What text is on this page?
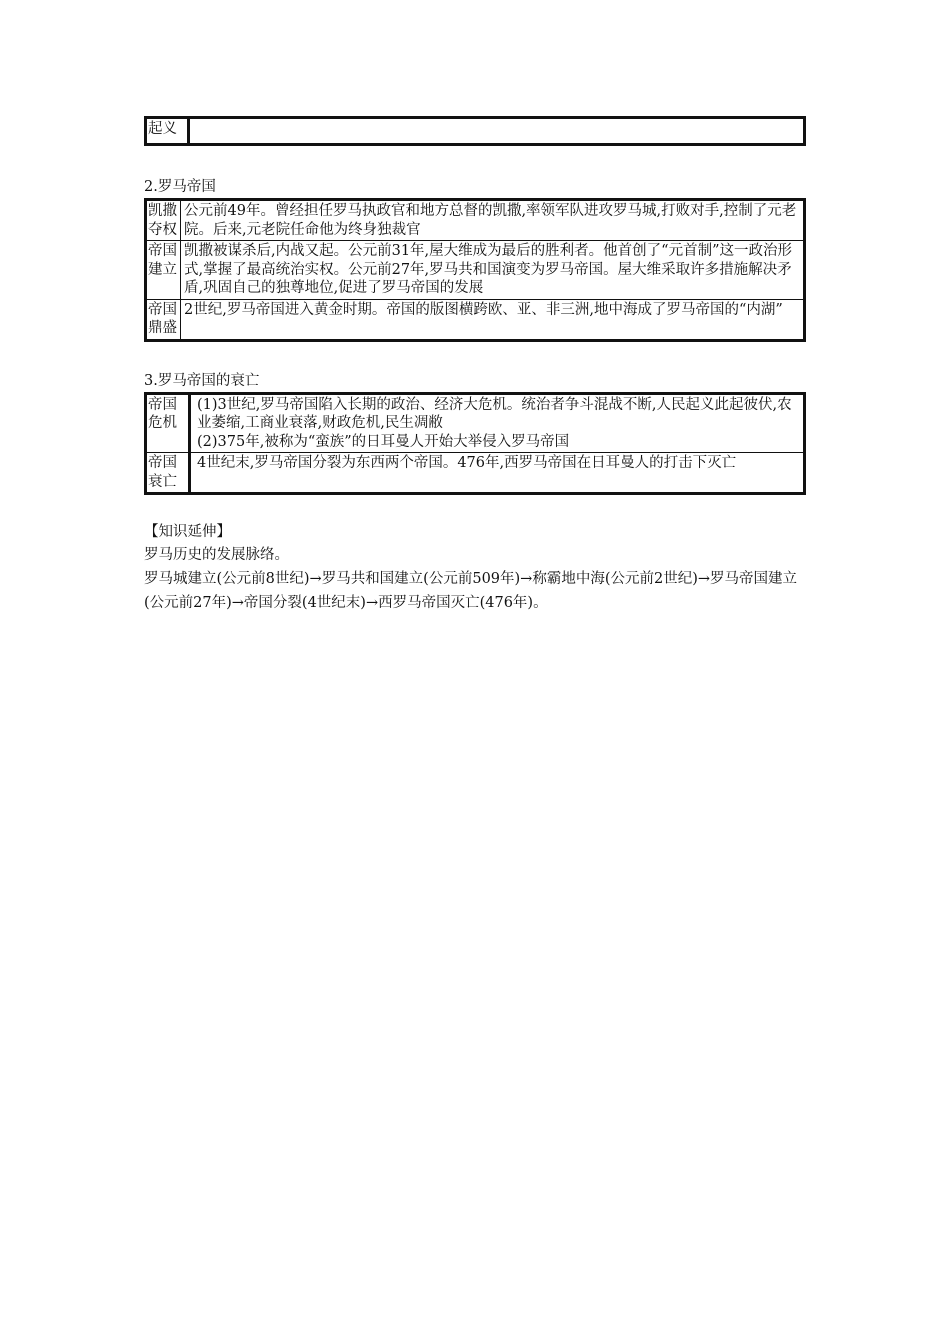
起义	
2.罗马帝国
凯撒夺权	公元前49年。曾经担任罗马执政官和地方总督的凯撒,率领军队进攻罗马城,打败对手,控制了元老院。后来,元老院任命他为终身独裁官
帝国建立	凯撒被谋杀后,内战又起。公元前31年,屋大维成为最后的胜利者。他首创了“元首制”这一政治形式,掌握了最高统治实权。公元前27年,罗马共和国演变为罗马帝国。屋大维采取许多措施解决矛盾,巩固自己的独尊地位,促进了罗马帝国的发展
帝国鼎盛	2世纪,罗马帝国进入黄金时期。帝国的版图横跨欧、亚、非三洲,地中海成了罗马帝国的“内湖”
3.罗马帝国的衰亡
帝国危机	(1)3世纪,罗马帝国陷入长期的政治、经济大危机。统治者争斗混战不断,人民起义此起彼伏,农业萎缩,工商业衰落,财政危机,民生凋敝
(2)375年,被称为“蛮族”的日耳曼人开始大举侵入罗马帝国

帝国衰亡	4世纪末,罗马帝国分裂为东西两个帝国。476年,西罗马帝国在日耳曼人的打击下灭亡
【知识延伸】
罗马历史的发展脉络。
罗马城建立(公元前8世纪)→罗马共和国建立(公元前509年)→称霸地中海(公元前2世纪)→罗马帝国建立(公元前27年)→帝国分裂(4世纪末)→西罗马帝国灭亡(476年)。
